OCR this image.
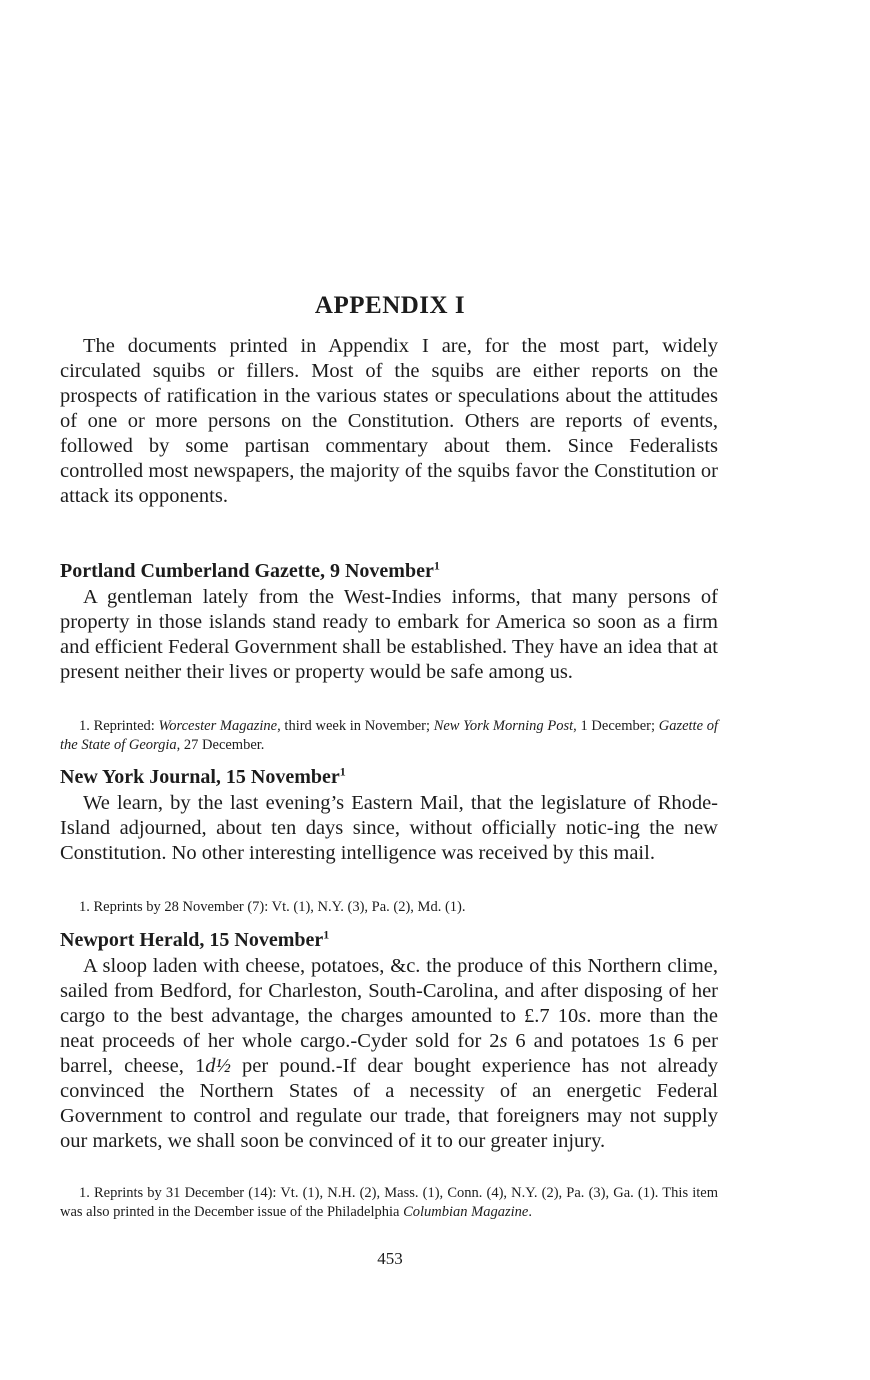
APPENDIX I

The documents printed in Appendix I are, for the most part, widely circulated squibs or fillers. Most of the squibs are either reports on the prospects of ratification in the various states or speculations about the attitudes of one or more persons on the Constitution. Others are reports of events, followed by some partisan commentary about them. Since Federalists controlled most newspapers, the majority of the squibs favor the Constitution or attack its opponents.

Portland Cumberland Gazette, 9 November$^1$

A gentleman lately from the West-Indies informs, that many persons of property in those islands stand ready to embark for America so soon as a firm and efficient Federal Government shall be established. They have an idea that at present neither their lives or property would be safe among us.

1. Reprinted: Worcester Magazine, third week in November; New York Morning Post, 1 December; Gazette of the State of Georgia, 27 December.

New York Journal, 15 November$^1$

We learn, by the last evening’s Eastern Mail, that the legislature of Rhode-Island adjourned, about ten days since, without officially notic-ing the new Constitution. No other interesting intelligence was received by this mail.

1. Reprints by 28 November (7): Vt. (1), N.Y. (3), Pa. (2), Md. (1).

Newport Herald, 15 November$^1$

A sloop laden with cheese, potatoes, &c. the produce of this Northern clime, sailed from Bedford, for Charleston, South-Carolina, and after disposing of her cargo to the best advantage, the charges amounted to £.7 10s. more than the neat proceeds of her whole cargo.-Cyder sold for 2s 6 and potatoes 1s 6 per barrel, cheese, 1d½ per pound.-If dear bought experience has not already convinced the Northern States of a necessity of an energetic Federal Government to control and regulate our trade, that foreigners may not supply our markets, we shall soon be convinced of it to our greater injury.

1. Reprints by 31 December (14): Vt. (1), N.H. (2), Mass. (1), Conn. (4), N.Y. (2), Pa. (3), Ga. (1). This item was also printed in the December issue of the Philadelphia Columbian Magazine.

453
